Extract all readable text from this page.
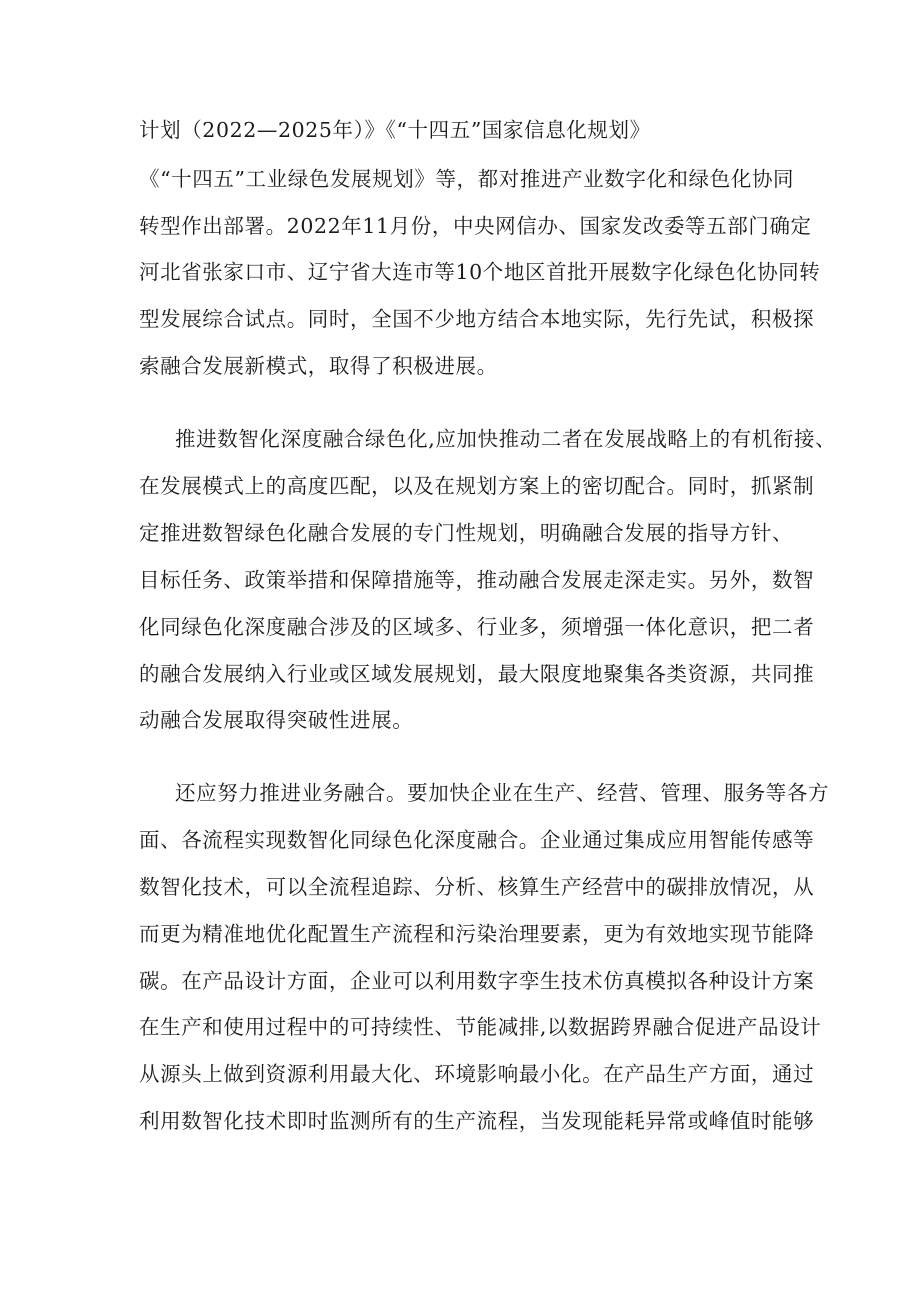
计划（2022—2025年）》《“十四五”国家信息化规划》
《“十四五”工业绿色发展规划》等，都对推进产业数字化和绿色化协同
转型作出部署。2022年11月份，中央网信办、国家发改委等五部门确定
河北省张家口市、辽宁省大连市等10个地区首批开展数字化绿色化协同转
型发展综合试点。同时，全国不少地方结合本地实际，先行先试，积极探
索融合发展新模式，取得了积极进展。
推进数智化深度融合绿色化,应加快推动二者在发展战略上的有机衔接、
在发展模式上的高度匹配，以及在规划方案上的密切配合。同时，抓紧制
定推进数智绿色化融合发展的专门性规划，明确融合发展的指导方针、
目标任务、政策举措和保障措施等，推动融合发展走深走实。另外，数智
化同绿色化深度融合涉及的区域多、行业多，须增强一体化意识，把二者
的融合发展纳入行业或区域发展规划，最大限度地聚集各类资源，共同推
动融合发展取得突破性进展。
还应努力推进业务融合。要加快企业在生产、经营、管理、服务等各方
面、各流程实现数智化同绿色化深度融合。企业通过集成应用智能传感等
数智化技术，可以全流程追踪、分析、核算生产经营中的碳排放情况，从
而更为精准地优化配置生产流程和污染治理要素，更为有效地实现节能降
碳。在产品设计方面，企业可以利用数字孪生技术仿真模拟各种设计方案
在生产和使用过程中的可持续性、节能减排,以数据跨界融合促进产品设计
从源头上做到资源利用最大化、环境影响最小化。在产品生产方面，通过
利用数智化技术即时监测所有的生产流程，当发现能耗异常或峰值时能够
